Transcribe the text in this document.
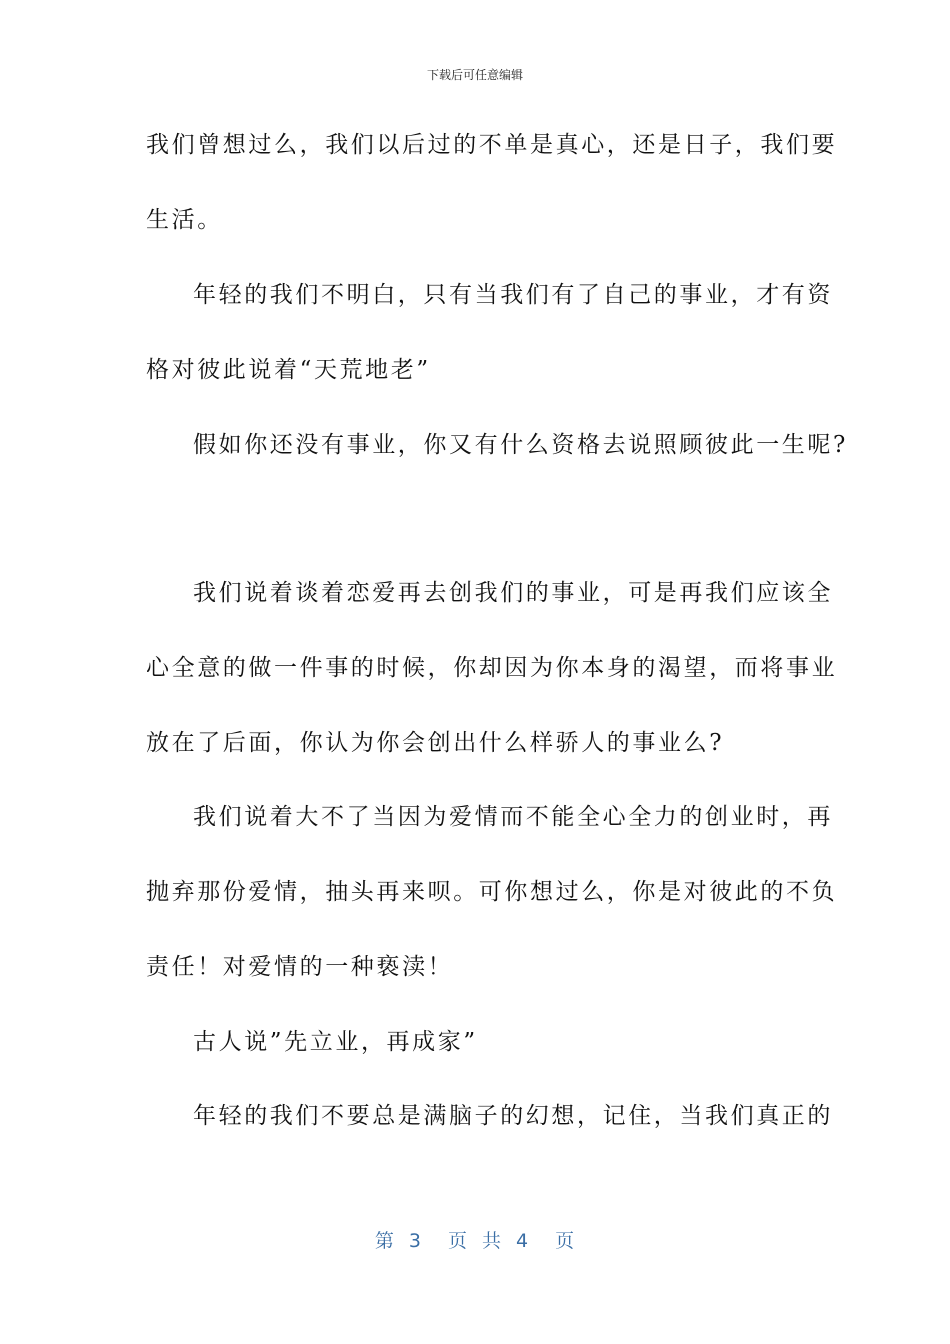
下载后可任意编辑
我们曾想过么，我们以后过的不单是真心，还是日子，我们要
生活。
年轻的我们不明白，只有当我们有了自己的事业，才有资
格对彼此说着“天荒地老”
假如你还没有事业，你又有什么资格去说照顾彼此一生呢?
我们说着谈着恋爱再去创我们的事业，可是再我们应该全
心全意的做一件事的时候，你却因为你本身的渴望，而将事业
放在了后面，你认为你会创出什么样骄人的事业么?
我们说着大不了当因为爱情而不能全心全力的创业时，再
抛弃那份爱情，抽头再来呗。可你想过么，你是对彼此的不负
责任！对爱情的一种亵渎！
古人说”先立业，再成家”
年轻的我们不要总是满脑子的幻想，记住，当我们真正的
第 3 页 共 4 页
